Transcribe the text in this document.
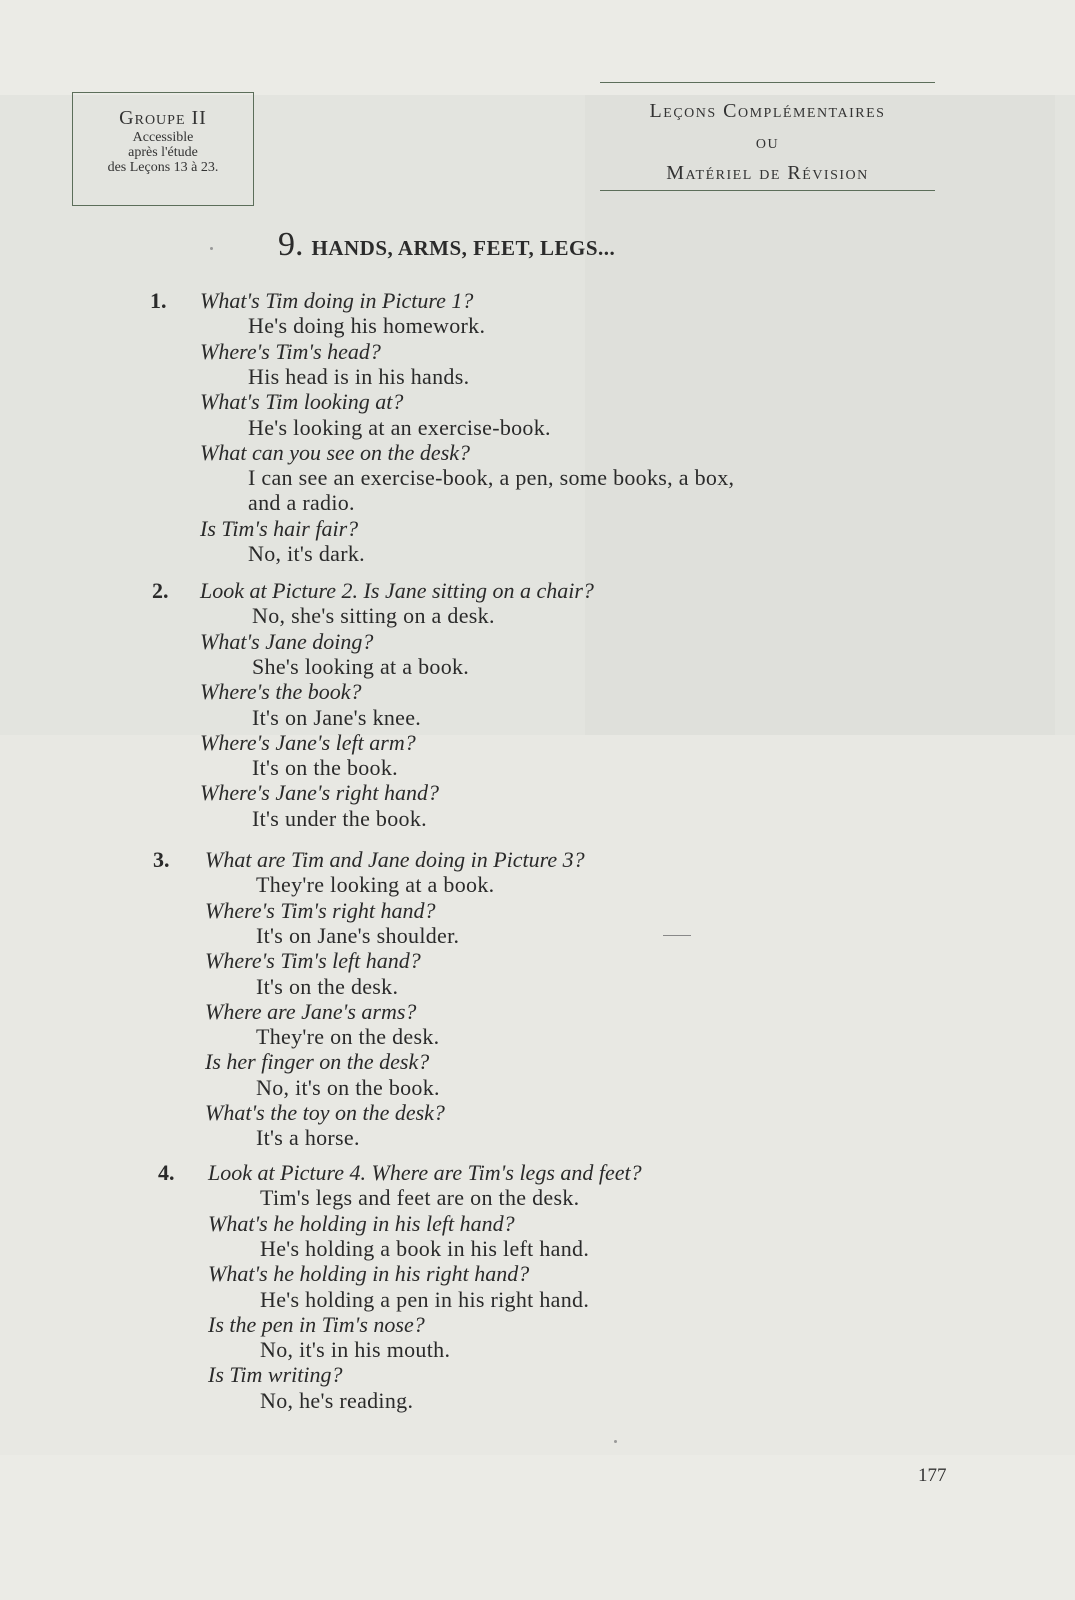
Groupe II
Accessible
après l'étude
des Leçons 13 à 23.
Leçons Complémentaires
ou
Matériel de Révision
9. HANDS, ARMS, FEET, LEGS...
1. What's Tim doing in Picture 1?
He's doing his homework.
Where's Tim's head?
His head is in his hands.
What's Tim looking at?
He's looking at an exercise-book.
What can you see on the desk?
I can see an exercise-book, a pen, some books, a box,
and a radio.
Is Tim's hair fair?
No, it's dark.
2. Look at Picture 2. Is Jane sitting on a chair?
No, she's sitting on a desk.
What's Jane doing?
She's looking at a book.
Where's the book?
It's on Jane's knee.
Where's Jane's left arm?
It's on the book.
Where's Jane's right hand?
It's under the book.
3. What are Tim and Jane doing in Picture 3?
They're looking at a book.
Where's Tim's right hand?
It's on Jane's shoulder.
Where's Tim's left hand?
It's on the desk.
Where are Jane's arms?
They're on the desk.
Is her finger on the desk?
No, it's on the book.
What's the toy on the desk?
It's a horse.
4. Look at Picture 4. Where are Tim's legs and feet?
Tim's legs and feet are on the desk.
What's he holding in his left hand?
He's holding a book in his left hand.
What's he holding in his right hand?
He's holding a pen in his right hand.
Is the pen in Tim's nose?
No, it's in his mouth.
Is Tim writing?
No, he's reading.
177
